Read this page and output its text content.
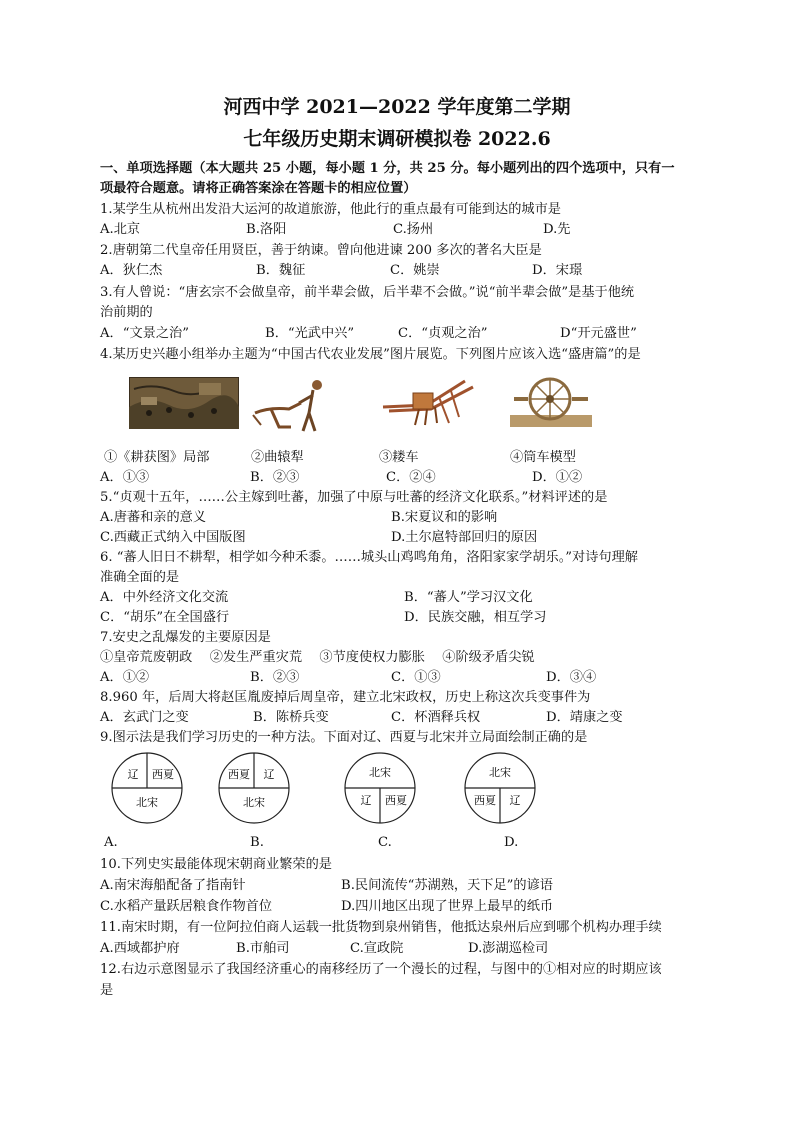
河西中学 2021—2022 学年度第二学期
七年级历史期末调研模拟卷 2022.6
一、单项选择题（本大题共 25 小题，每小题 1 分，共 25 分。每小题列出的四个选项中，只有一
项最符合题意。请将正确答案涂在答题卡的相应位置）
1.某学生从杭州出发沿大运河的故道旅游，他此行的重点最有可能到达的城市是
A.北京	B.洛阳	C.扬州	D.先
2.唐朝第二代皇帝任用贤臣，善于纳谏。曾向他进谏 200 多次的著名大臣是
A．狄仁杰	B．魏征	C．姚崇	D．宋璟
3.有人曾说：“唐玄宗不会做皇帝，前半辈会做，后半辈不会做。”说“前半辈会做”是基于他统
治前期的
A．“文景之治”	B．“光武中兴”	C．“贞观之治”	D“开元盛世”
4.某历史兴趣小组举办主题为“中国古代农业发展”图片展览。下列图片应该入选“盛唐篇”的是
①《耕获图》局部	②曲辕犁	③耧车	④筒车模型
A．①③	B．②③	C．②④	D．①②
5.“贞观十五年，……公主嫁到吐蕃，加强了中原与吐蕃的经济文化联系。”材料评述的是
A.唐蕃和亲的意义	B.宋夏议和的影响
C.西藏正式纳入中国版图	D.土尔扈特部回归的原因
6. “蕃人旧日不耕犁，相学如今种禾黍。……城头山鸡鸣角角，洛阳家家学胡乐。”对诗句理解
准确全面的是
A．中外经济文化交流	B．“蕃人”学习汉文化
C．“胡乐”在全国盛行	D．民族交融，相互学习
7.安史之乱爆发的主要原因是
①皇帝荒废朝政　 ②发生严重灾荒　 ③节度使权力膨胀　 ④阶级矛盾尖锐
A．①②	B．②③	C．①③	D．③④
8.960 年，后周大将赵匡胤废掉后周皇帝，建立北宋政权，历史上称这次兵变事件为
A．玄武门之变	B．陈桥兵变	C．杯酒释兵权	D．靖康之变
9.图示法是我们学习历史的一种方法。下面对辽、西夏与北宋并立局面绘制正确的是
辽 西夏
北宋
西夏 辽
北宋
北宋
辽 西夏
北宋
西夏 辽
A.	B.	C.	D.
10.下列史实最能体现宋朝商业繁荣的是
A.南宋海船配备了指南针	B.民间流传“苏湖熟，天下足”的谚语
C.水稻产量跃居粮食作物首位	D.四川地区出现了世界上最早的纸币
11.南宋时期，有一位阿拉伯商人运载一批货物到泉州销售，他抵达泉州后应到哪个机构办理手续
A.西域都护府	B.市舶司	C.宣政院	D.澎湖巡检司
12.右边示意图显示了我国经济重心的南移经历了一个漫长的过程，与图中的①相对应的时期应该
是
